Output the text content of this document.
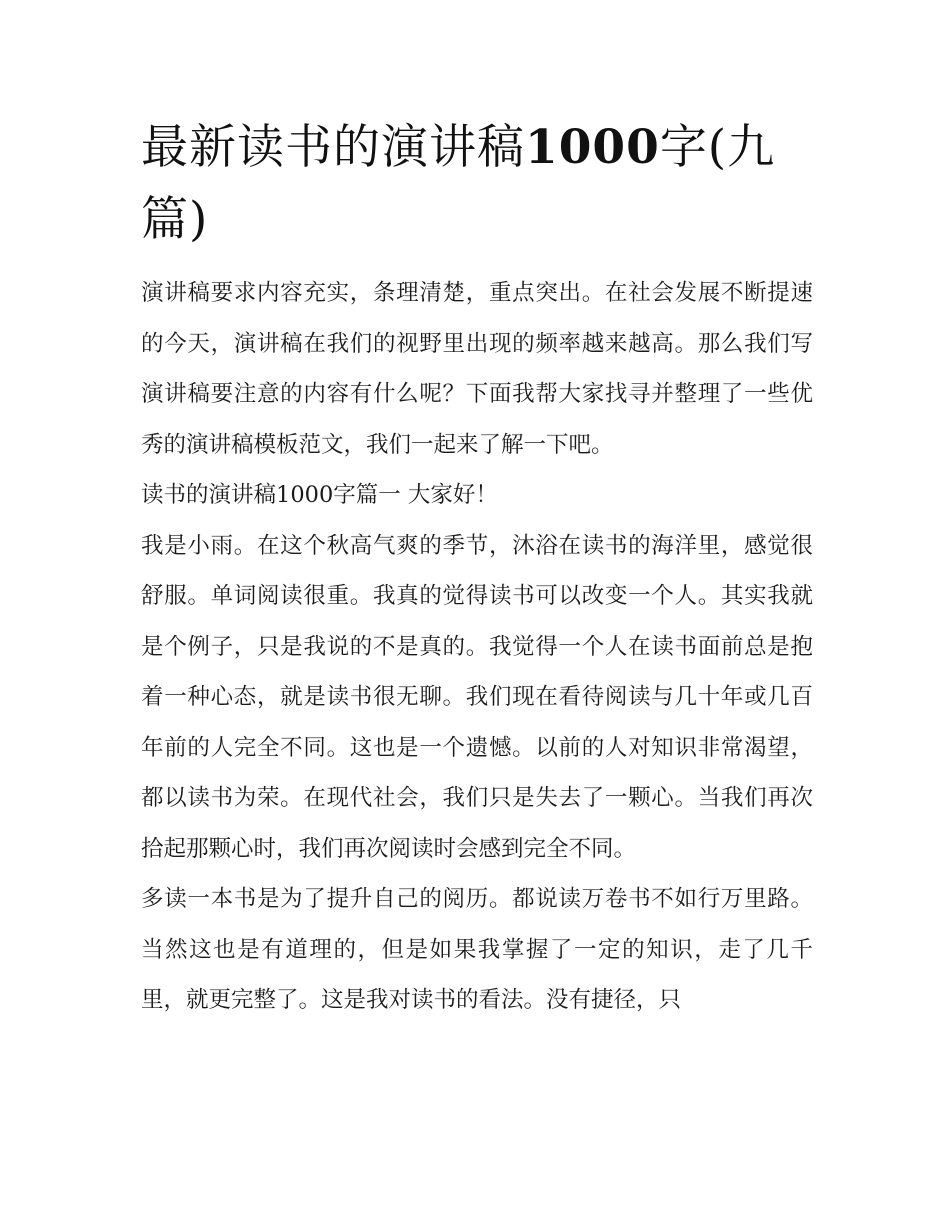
最新读书的演讲稿1000字(九篇)

演讲稿要求内容充实，条理清楚，重点突出。在社会发展不断提速的今天，演讲稿在我们的视野里出现的频率越来越高。那么我们写演讲稿要注意的内容有什么呢？下面我帮大家找寻并整理了一些优秀的演讲稿模板范文，我们一起来了解一下吧。

读书的演讲稿1000字篇一 大家好！

我是小雨。在这个秋高气爽的季节，沐浴在读书的海洋里，感觉很舒服。单词阅读很重。我真的觉得读书可以改变一个人。其实我就是个例子，只是我说的不是真的。我觉得一个人在读书面前总是抱着一种心态，就是读书很无聊。我们现在看待阅读与几十年或几百年前的人完全不同。这也是一个遗憾。以前的人对知识非常渴望，都以读书为荣。在现代社会，我们只是失去了一颗心。当我们再次拾起那颗心时，我们再次阅读时会感到完全不同。

多读一本书是为了提升自己的阅历。都说读万卷书不如行万里路。当然这也是有道理的，但是如果我掌握了一定的知识，走了几千里，就更完整了。这是我对读书的看法。没有捷径，只
